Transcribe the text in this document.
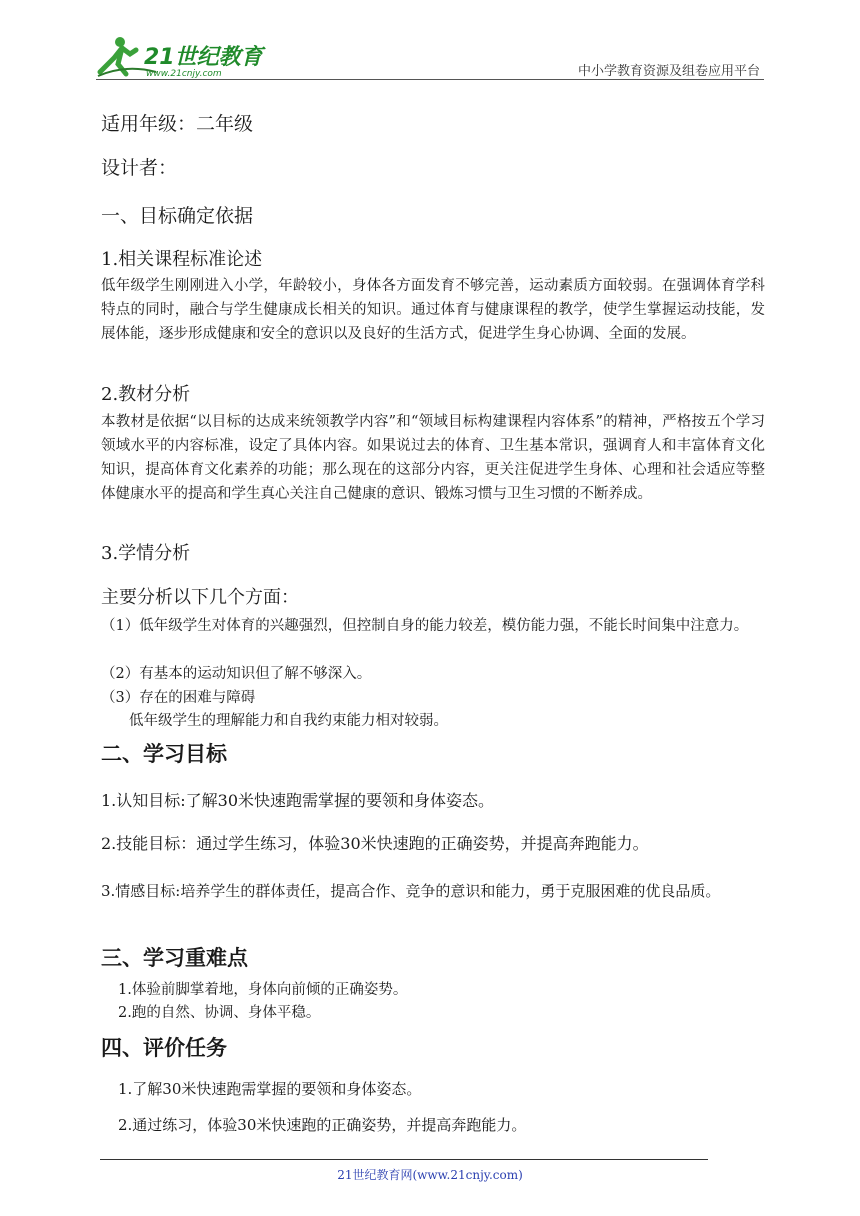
21世纪教育
www.21cnjy.com	中小学教育资源及组卷应用平台
适用年级：二年级
设计者：
一、目标确定依据
1.相关课程标准论述
低年级学生刚刚进入小学，年龄较小，身体各方面发育不够完善，运动素质方面较弱。在强调体育学科特点的同时，融合与学生健康成长相关的知识。通过体育与健康课程的教学，使学生掌握运动技能，发展体能，逐步形成健康和安全的意识以及良好的生活方式，促进学生身心协调、全面的发展。
2.教材分析
本教材是依据“以目标的达成来统领教学内容”和“领域目标构建课程内容体系”的精神，严格按五个学习领域水平的内容标准，设定了具体内容。如果说过去的体育、卫生基本常识，强调育人和丰富体育文化知识，提高体育文化素养的功能；那么现在的这部分内容，更关注促进学生身体、心理和社会适应等整体健康水平的提高和学生真心关注自己健康的意识、锻炼习惯与卫生习惯的不断养成。
3.学情分析
主要分析以下几个方面：
（1）低年级学生对体育的兴趣强烈，但控制自身的能力较差，模仿能力强，不能长时间集中注意力。
（2）有基本的运动知识但了解不够深入。
（3）存在的困难与障碍
低年级学生的理解能力和自我约束能力相对较弱。
二、学习目标
1.认知目标:了解30米快速跑需掌握的要领和身体姿态。
2.技能目标：通过学生练习，体验30米快速跑的正确姿势，并提高奔跑能力。
3.情感目标:培养学生的群体责任，提高合作、竞争的意识和能力，勇于克服困难的优良品质。
三、学习重难点
1.体验前脚掌着地，身体向前倾的正确姿势。
2.跑的自然、协调、身体平稳。
四、评价任务
1.了解30米快速跑需掌握的要领和身体姿态。
2.通过练习，体验30米快速跑的正确姿势，并提高奔跑能力。
21世纪教育网(www.21cnjy.com)
